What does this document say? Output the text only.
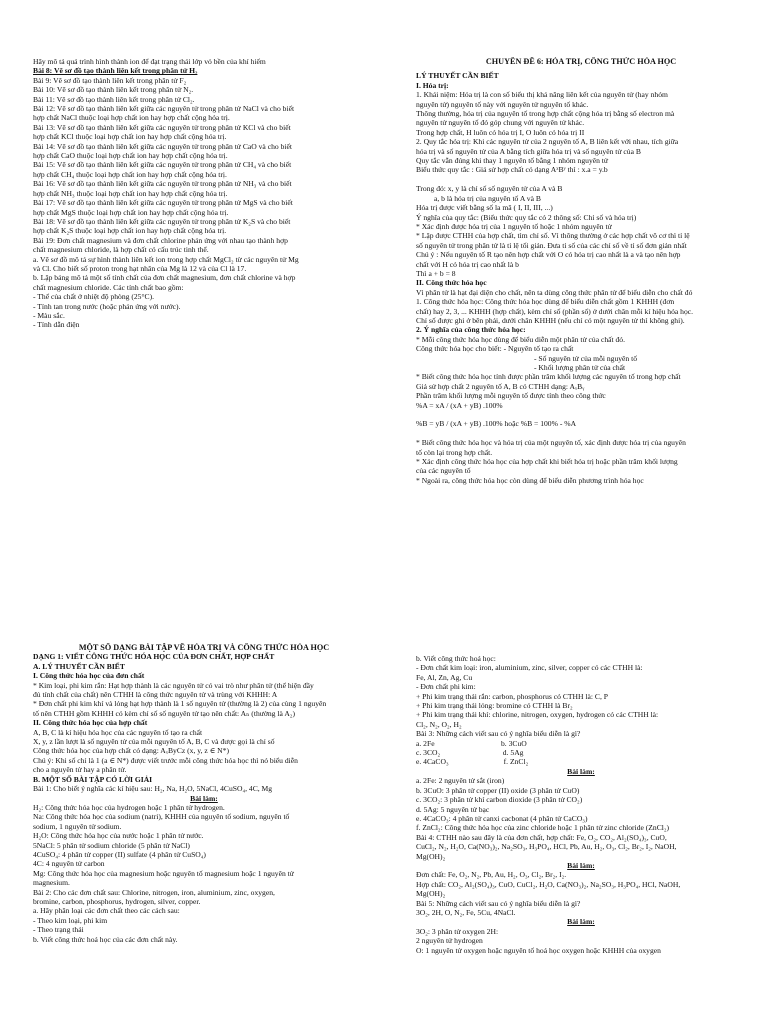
Hãy mô tả quá trình hình thành ion để đạt trạng thái lớp vỏ bền của khí hiếm
Bài 8: Vẽ sơ đồ tạo thành liên kết trong phân tử H₂
Bài 9: Vẽ sơ đồ tạo thành liên kết trong phân tử F₂
Bài 10: Vẽ sơ đồ tạo thành liên kết trong phân tử N₂.
Bài 11: Vẽ sơ đồ tạo thành liên kết trong phân tử Cl₂.
Bài 12: Vẽ sơ đồ tạo thành liên kết giữa các nguyên tử trong phân tử NaCl và cho biết
hợp chất NaCl thuộc loại hợp chất ion hay hợp chất cộng hóa trị.
Bài 13: Vẽ sơ đồ tạo thành liên kết giữa các nguyên tử trong phân tử KCl và cho biết
hợp chất KCl thuộc loại hợp chất ion hay hợp chất cộng hóa trị.
Bài 14: Vẽ sơ đồ tạo thành liên kết giữa các nguyên tử trong phân tử CaO và cho biết
hợp chất CaO thuộc loại hợp chất ion hay hợp chất cộng hóa trị.
Bài 15: Vẽ sơ đồ tạo thành liên kết giữa các nguyên tử trong phân tử CH₄ và cho biết
hợp chất CH₄ thuộc loại hợp chất ion hay hợp chất cộng hóa trị.
Bài 16: Vẽ sơ đồ tạo thành liên kết giữa các nguyên tử trong phân tử NH₃ và cho biết
hợp chất NH₃ thuộc loại hợp chất ion hay hợp chất cộng hóa trị.
Bài 17: Vẽ sơ đồ tạo thành liên kết giữa các nguyên tử trong phân tử MgS và cho biết
hợp chất MgS thuộc loại hợp chất ion hay hợp chất cộng hóa trị.
Bài 18: Vẽ sơ đồ tạo thành liên kết giữa các nguyên tử trong phân tử K₂S và cho biết
hợp chất K₂S thuộc loại hợp chất ion hay hợp chất cộng hóa trị.
Bài 19: Đơn chất magnesium và đơn chất chlorine phản ứng với nhau tạo thành hợp
chất magnesium chloride, là hợp chất có cấu trúc tinh thể.
a. Vẽ sơ đồ mô tả sự hình thành liên kết ion trong hợp chất MgCl₂ từ các nguyên tử Mg
và Cl. Cho biết số proton trong hạt nhân của Mg là 12 và của Cl là 17.
b. Lập bảng mô tả một số tính chất của đơn chất magnesium, đơn chất chlorine và hợp
chất magnesium chloride. Các tính chất bao gồm:
- Thể của chất ở nhiệt độ phòng (25°C).
- Tính tan trong nước (hoặc phản ứng với nước).
- Màu sắc.
- Tính dẫn điện
CHUYÊN ĐỀ 6: HÓA TRỊ, CÔNG THỨC HÓA HỌC
LÝ THUYẾT CẦN BIẾT
I. Hóa trị:
1. Khái niệm: Hóa trị là con số biểu thị khả năng liên kết của nguyên tử (hay nhóm
nguyên tử) nguyên tố này với nguyên tử nguyên tố khác.
Thông thường, hóa trị của nguyên tố trong hợp chất cộng hóa trị bằng số electron mà
nguyên tử nguyên tố đó góp chung với nguyên tử khác.
Trong hợp chất, H luôn có hóa trị I, O luôn có hóa trị II
2. Quy tắc hóa trị: Khi các nguyên tử của 2 nguyên tố A, B liên kết với nhau, tích giữa
hóa trị và số nguyên tử của A bằng tích giữa hóa trị và số nguyên tử của B
Quy tắc vẫn đúng khi thay 1 nguyên tố bằng 1 nhóm nguyên tử
Biểu thức quy tắc : Giả sử hợp chất có dạng AˣBʸ thì : x.a = y.b

Trong đó: x, y là chỉ số số nguyên tử của A và B
a, b là hóa trị của nguyên tố A và B
Hóa trị được viết bằng số la mã ( I, II, III, ...)
Ý nghĩa của quy tắc: (Biểu thức quy tắc có 2 thông số: Chỉ số và hóa trị)
* Xác định được hóa trị của 1 nguyên tố hoặc 1 nhóm nguyên tử
* Lập được CTHH của hợp chất, tìm chỉ số. Vì thông thường ở các hợp chất vô cơ thì tỉ lệ
số nguyên tử trong phân tử là tỉ lệ tối giản. Đưa tỉ số của các chỉ số về tỉ số đơn giản nhất
Chú ý : Nếu nguyên tố R tạo nên hợp chất với O có hóa trị cao nhất là a và tạo nên hợp
chất với H có hóa trị cao nhất là b
Thì a + b = 8
II. Công thức hóa học
Vì phân tử là hạt đại diện cho chất, nên ta dùng công thức phân tử để biểu diễn cho chất đó
1. Công thức hóa học: Công thức hóa học dùng để biểu diễn chất gồm 1 KHHH (đơn
chất) hay 2, 3, ... KHHH (hợp chất), kèm chỉ số (phần số) ở dưới chân mỗi kí hiệu hóa học.
Chỉ số được ghi ở bên phải, dưới chân KHHH (nếu chỉ có một nguyên tử thì không ghi).
2. Ý nghĩa của công thức hóa học:
* Mỗi công thức hóa học dùng để biểu diễn một phân tử của chất đó.
Công thức hóa học cho biết: - Nguyên tố tạo ra chất
- Số nguyên tử của mỗi nguyên tố
- Khối lượng phân tử của chất
* Biết công thức hóa học tính được phần trăm khối lượng các nguyên tố trong hợp chất
Giả sử hợp chất 2 nguyên tố A, B có CTHH dạng: AₓBᵧ
Phần trăm khối lượng mỗi nguyên tố được tính theo công thức
%A = xA / (xA + yB) .100%

%B = yB / (xA + yB) .100% hoặc %B = 100% - %A

* Biết công thức hóa học và hóa trị của một nguyên tố, xác định được hóa trị của nguyên
tố còn lại trong hợp chất.
* Xác định công thức hóa học của hợp chất khi biết hóa trị hoặc phần trăm khối lượng
của các nguyên tố
* Ngoài ra, công thức hóa học còn dùng để biểu diễn phương trình hóa học
MỘT SỐ DẠNG BÀI TẬP VỀ HÓA TRỊ VÀ CÔNG THỨC HÓA HỌC
DẠNG 1: VIẾT CÔNG THỨC HÓA HỌC CỦA ĐƠN CHẤT, HỢP CHẤT
A. LÝ THUYẾT CẦN BIẾT
I. Công thức hóa học của đơn chất
* Kim loại, phi kim rắn: Hạt hợp thành là các nguyên tử có vai trò như phân tử (thể hiện đầy
đủ tính chất của chất) nên CTHH là công thức nguyên tử và trùng với KHHH: A
* Đơn chất phi kim khí và lỏng hạt hợp thành là 1 số nguyên tử (thường là 2) của cùng 1 nguyên
tố nên CTHH gồm KHHH có kèm chỉ số số nguyên tử tạo nên chất: Aₙ (thường là A₂)
II. Công thức hóa học của hợp chất
A, B, C là kí hiệu hóa học của các nguyên tố tạo ra chất
X, y, z lần lượt là số nguyên tử của mỗi nguyên tố A, B, C và được gọi là chỉ số
Công thức hóa học của hợp chất có dạng: AₓByCz (x, y, z ∈ N*)
Chú ý: Khi số chỉ là 1 (a ∈ N*) được viết trước mỗi công thức hóa học thì nó biểu diễn
cho a nguyên tử hay a phân tử.
B. MỘT SỐ BÀI TẬP CÓ LỜI GIẢI
Bài 1: Cho biết ý nghĩa các kí hiệu sau: H₂, Na, H₂O, 5NaCl, 4CuSO₄, 4C, Mg
Bài làm:
H₂: Công thức hóa học của hydrogen hoặc 1 phân tử hydrogen.
Na: Công thức hóa học của sodium (natri), KHHH của nguyên tố sodium, nguyên tố
sodium, 1 nguyên tử sodium.
H₂O: Công thức hóa học của nước hoặc 1 phân tử nước.
5NaCl: 5 phân tử sodium chloride (5 phân tử NaCl)
4CuSO₄: 4 phân tử copper (II) sulfate (4 phân tử CuSO₄)
4C: 4 nguyên tử carbon
Mg: Công thức hóa học của magnesium hoặc nguyên tố magnesium hoặc 1 nguyên tử
magnesium.
Bài 2: Cho các đơn chất sau: Chlorine, nitrogen, iron, aluminium, zinc, oxygen,
bromine, carbon, phosphorus, hydrogen, silver, copper.
a. Hãy phân loại các đơn chất theo các cách sau:
- Theo kim loại, phi kim
- Theo trạng thái
b. Viết công thức hoá học của các đơn chất này.
b. Viết công thức hoá học:
- Đơn chất kim loại: iron, aluminium, zinc, silver, copper có các CTHH là:
Fe, Al, Zn, Ag, Cu
- Đơn chất phi kim:
+ Phi kim trạng thái rắn: carbon, phosphorus có CTHH là: C, P
+ Phi kim trạng thái lỏng: bromine có CTHH là Br₂
+ Phi kim trạng thái khí: chlorine, nitrogen, oxygen, hydrogen có các CTHH là:
Cl₂, N₂, O₂, H₂
Bài 3: Những cách viết sau có ý nghĩa biểu diễn là gì?
a. 2Fe                                   b. 3CuO
c. 3CO₂                                 d. 5Ag
e. 4CaCO₃                             f. ZnCl₂
Bài làm:
a. 2Fe: 2 nguyên tử sắt (iron)
b. 3CuO: 3 phân tử copper (II) oxide (3 phân tử CuO)
c. 3CO₂: 3 phân tử khí carbon dioxide (3 phân tử CO₂)
d. 5Ag: 5 nguyên tử bạc
e. 4CaCO₃: 4 phân tử canxi cacbonat (4 phân tử CaCO₃)
f. ZnCl₂: Công thức hóa học của zinc chloride hoặc 1 phân tử zinc chloride (ZnCl₂)
Bài 4: CTHH nào sau đây là của đơn chất, hợp chất: Fe, O₂, CO₂, Al₂(SO₄)₃, CuO,
CuCl₂, N₂, H₂O, Ca(NO₃)₂, Na₂SO₃, H₃PO₄, HCl, Pb, Au, H₂, O₃, Cl₂, Br₂, I₂, NaOH,
Mg(OH)₂
Bài làm:
Đơn chất: Fe, O₂, N₂, Pb, Au, H₂, O₃, Cl₂, Br₂, I₂.
Hợp chất: CO₂, Al₂(SO₄)₃, CuO, CuCl₂, H₂O, Ca(NO₃)₂, Na₂SO₃, H₃PO₄, HCl, NaOH,
Mg(OH)₂
Bài 5: Những cách viết sau có ý nghĩa biểu diễn là gì?
3O₂, 2H, O, N₂, Fe, 5Cu, 4NaCl.
Bài làm:
3O₂: 3 phân tử oxygen 2H:
2 nguyên tử hydrogen
O: 1 nguyên tử oxygen hoặc nguyên tố hoá học oxygen hoặc KHHH của oxygen
